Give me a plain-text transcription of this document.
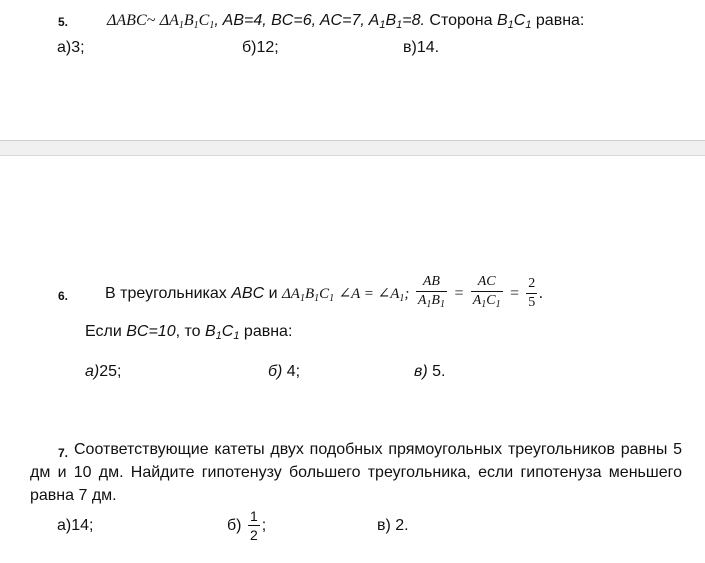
5. ΔABC~ ΔA1B1C1, AB=4, BC=6, AC=7, $A_1B_1=8$. Сторона $B_1C_1$ равна:
а)3;	б)12;	в)14.
6. В треугольниках ABC и $\Delta A_1B_1C_1$ ∠A = $\angle A_1$; $\frac{AB}{A_1B_1} = \frac{AC}{A_1C_1} = \frac{2}{5}$ .
Если BC=10, то $B_1C_1$ равна:
а)25;	б) 4;	в) 5.
7. Соответствующие катеты двух подобных прямоугольных треугольников равны 5 дм и 10 дм. Найдите гипотенузу большего треугольника, если гипотенуза меньшего равна 7 дм.
а)14;	$б) \frac{1}{2}$ ;	в) 2.
